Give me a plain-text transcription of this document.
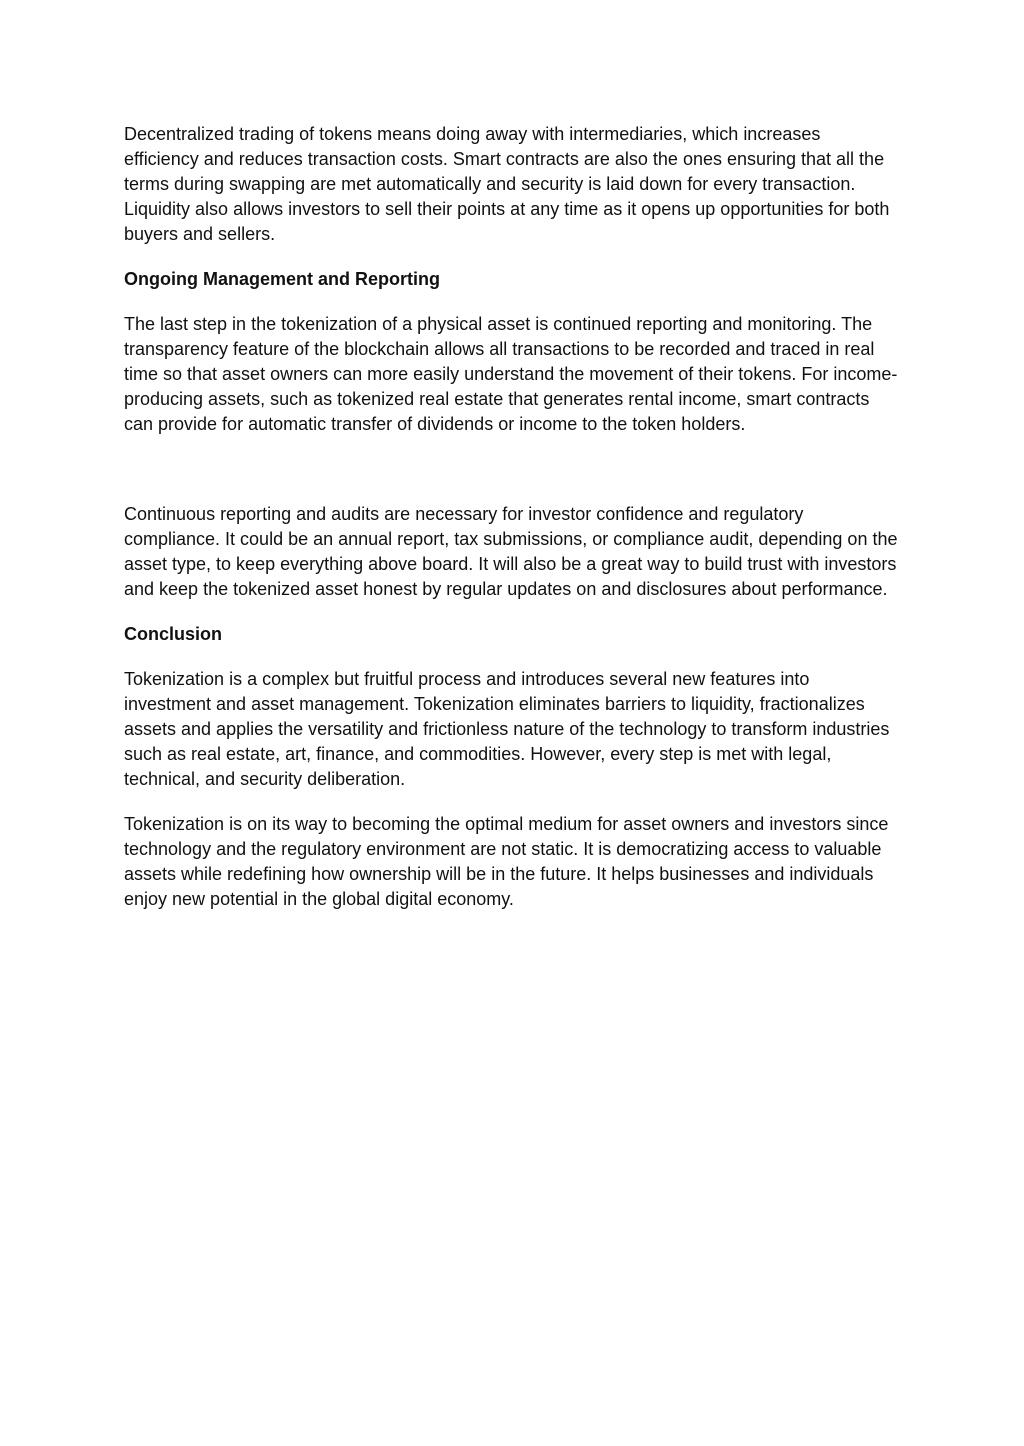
Decentralized trading of tokens means doing away with intermediaries, which increases efficiency and reduces transaction costs. Smart contracts are also the ones ensuring that all the terms during swapping are met automatically and security is laid down for every transaction. Liquidity also allows investors to sell their points at any time as it opens up opportunities for both buyers and sellers.

Ongoing Management and Reporting

The last step in the tokenization of a physical asset is continued reporting and monitoring. The transparency feature of the blockchain allows all transactions to be recorded and traced in real time so that asset owners can more easily understand the movement of their tokens. For income-producing assets, such as tokenized real estate that generates rental income, smart contracts can provide for automatic transfer of dividends or income to the token holders.

Continuous reporting and audits are necessary for investor confidence and regulatory compliance. It could be an annual report, tax submissions, or compliance audit, depending on the asset type, to keep everything above board. It will also be a great way to build trust with investors and keep the tokenized asset honest by regular updates on and disclosures about performance.

Conclusion

Tokenization is a complex but fruitful process and introduces several new features into investment and asset management. Tokenization eliminates barriers to liquidity, fractionalizes assets and applies the versatility and frictionless nature of the technology to transform industries such as real estate, art, finance, and commodities. However, every step is met with legal, technical, and security deliberation.

Tokenization is on its way to becoming the optimal medium for asset owners and investors since technology and the regulatory environment are not static. It is democratizing access to valuable assets while redefining how ownership will be in the future. It helps businesses and individuals enjoy new potential in the global digital economy.
